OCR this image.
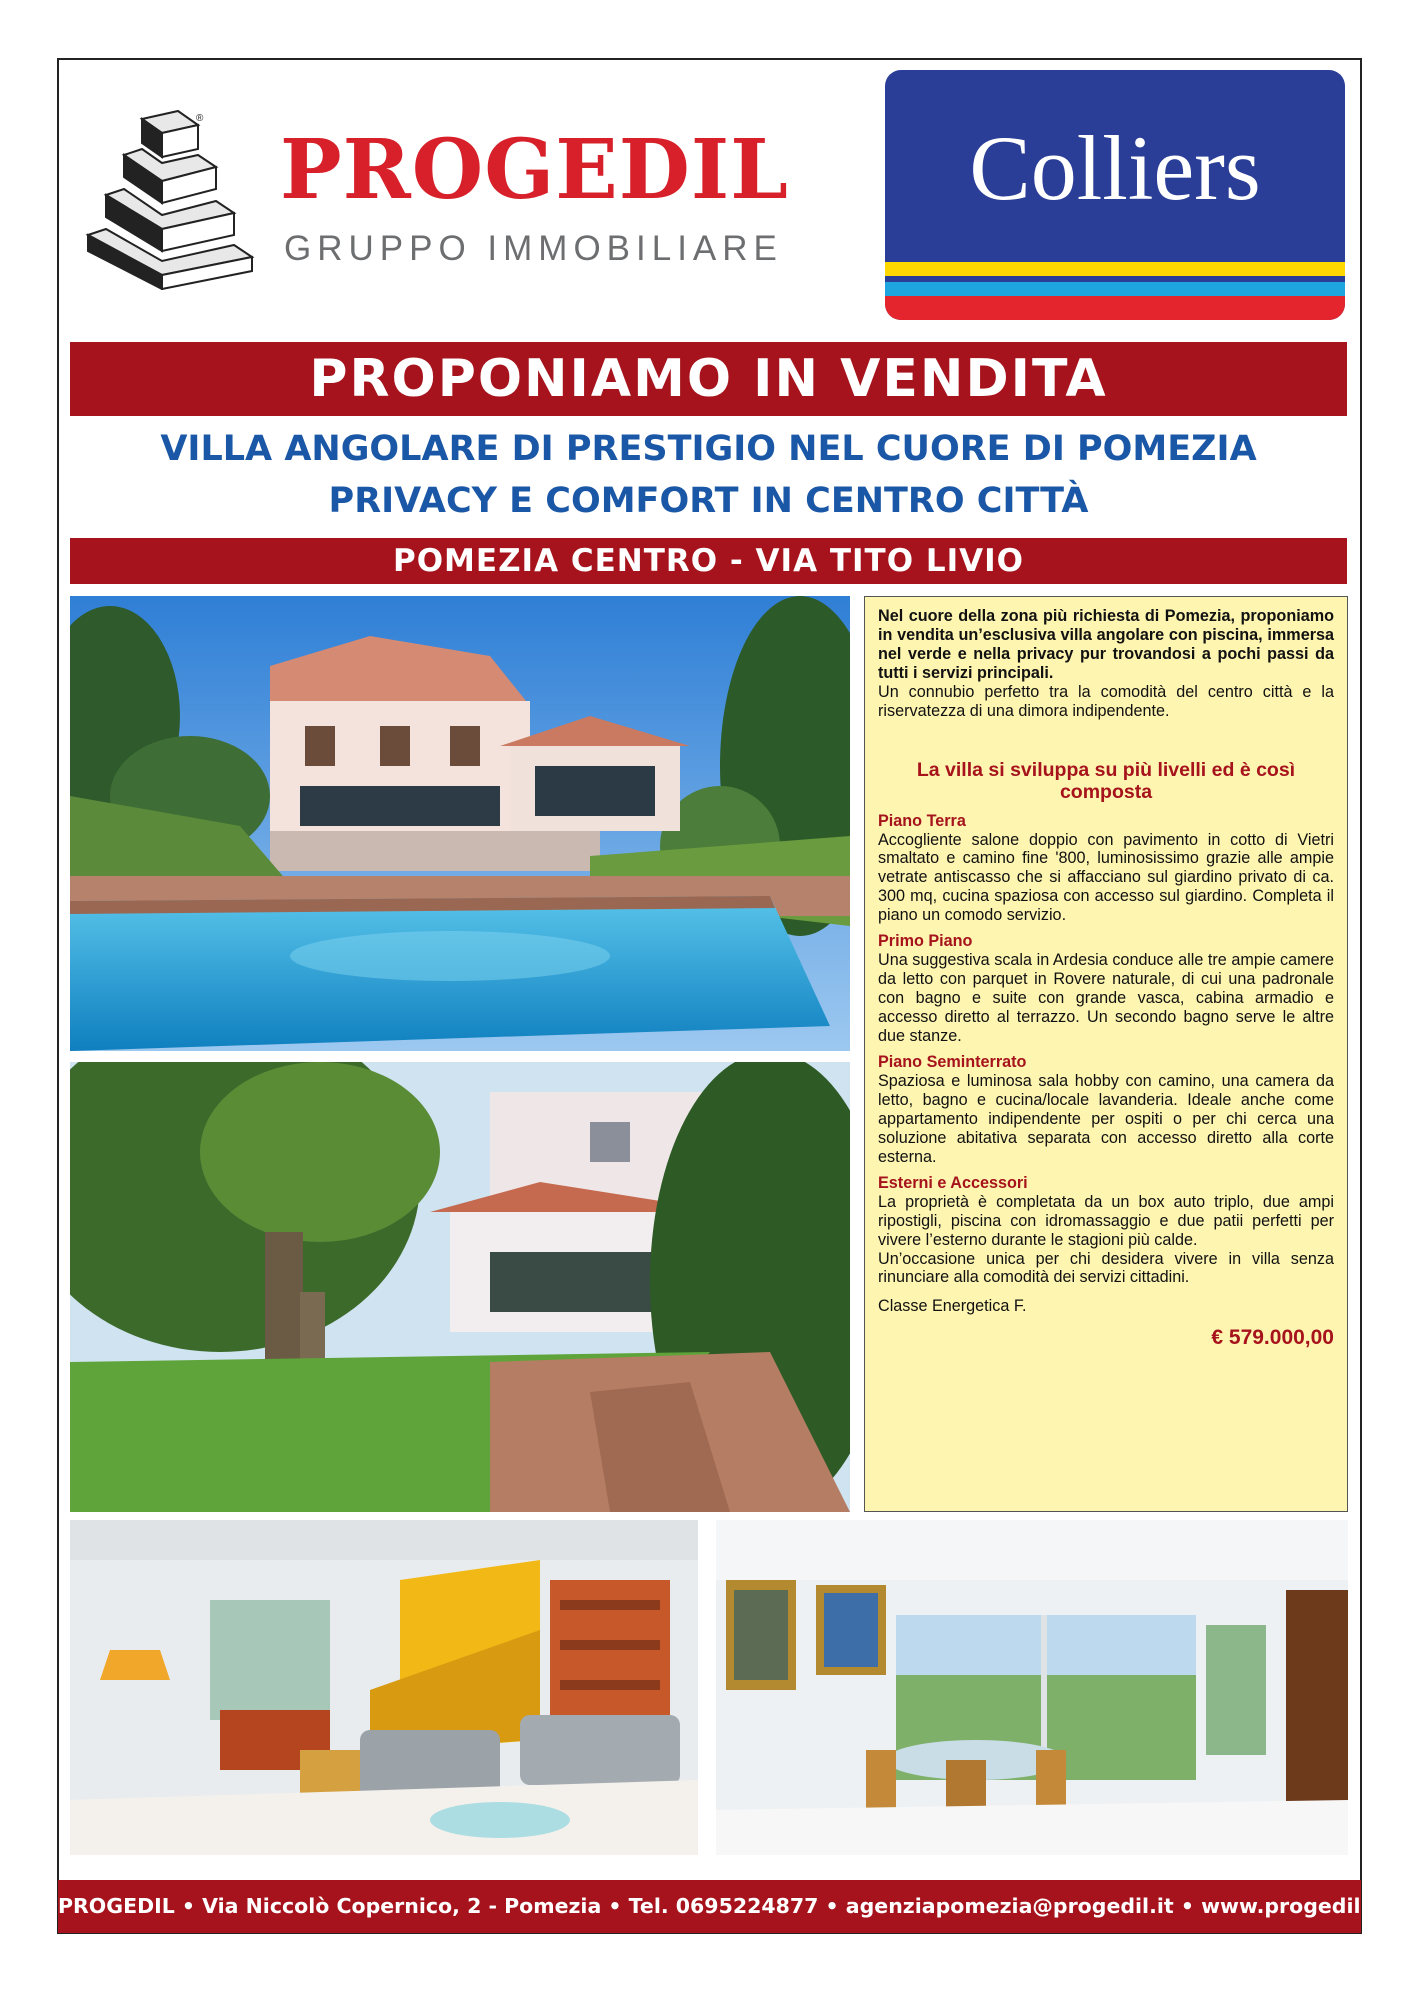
®
PROGEDIL
GRUPPO IMMOBILIARE
Colliers
PROPONIAMO IN VENDITA
VILLA ANGOLARE DI PRESTIGIO NEL CUORE DI POMEZIA
PRIVACY E COMFORT IN CENTRO CITTÀ
POMEZIA CENTRO - VIA TITO LIVIO

Nel cuore della zona più richiesta di Pomezia, proponiamo in vendita un’esclusiva villa angolare con piscina, immersa nel verde e nella privacy pur trovandosi a pochi passi da tutti i servizi principali.

Un connubio perfetto tra la comodità del centro città e la riservatezza di una dimora indipendente.

La villa si sviluppa su più livelli ed è così composta

Piano Terra

Accogliente salone doppio con pavimento in cotto di Vietri smaltato e camino fine '800, luminosissimo grazie alle ampie vetrate antiscasso che si affacciano sul giardino privato di ca. 300 mq, cucina spaziosa con accesso sul giardino. Completa il piano un comodo servizio.

Primo Piano

Una suggestiva scala in Ardesia conduce alle tre ampie camere da letto con parquet in Rovere naturale, di cui una padronale con bagno e suite con grande vasca, cabina armadio e accesso diretto al terrazzo. Un secondo bagno serve le altre due stanze.

Piano Seminterrato

Spaziosa e luminosa sala hobby con camino, una camera da letto, bagno e cucina/locale lavanderia. Ideale anche come appartamento indipendente per ospiti o per chi cerca una soluzione abitativa separata con accesso diretto alla corte esterna.

Esterni e Accessori

La proprietà è completata da un box auto triplo, due ampi ripostigli, piscina con idromassaggio e due patii perfetti per vivere l’esterno durante le stagioni più calde.

Un’occasione unica per chi desidera vivere in villa senza rinunciare alla comodità dei servizi cittadini.

Classe Energetica F.

€ 579.000,00

PROGEDIL • Via Niccolò Copernico, 2 - Pomezia • Tel. 0695224877 • agenziapomezia@progedil.it • www.progedil.it
